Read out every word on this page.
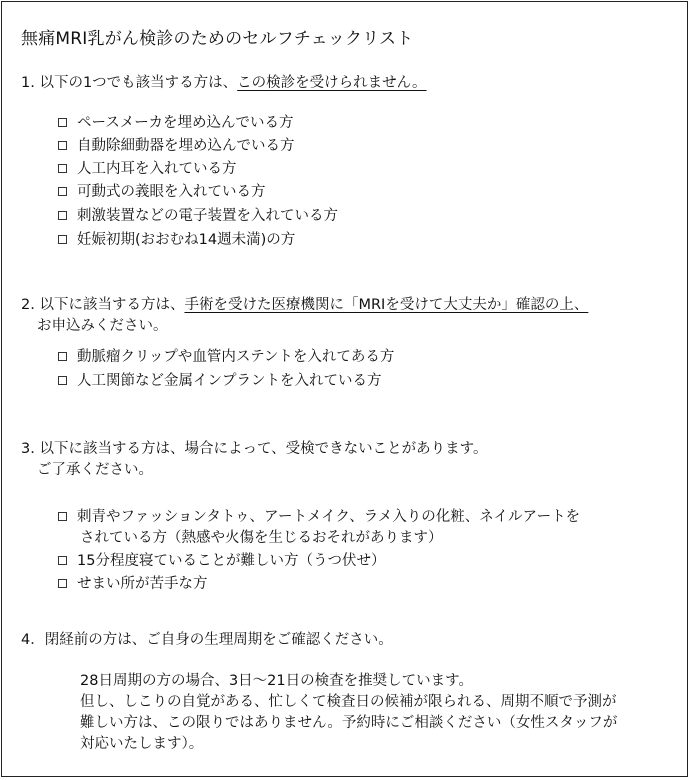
無痛MRI乳がん検診のためのセルフチェックリスト
1. 以下の1つでも該当する方は、この検診を受けられません。
ペースメーカを埋め込んでいる方
自動除細動器を埋め込んでいる方
人工内耳を入れている方
可動式の義眼を入れている方
刺激装置などの電子装置を入れている方
妊娠初期(おおむね14週未満)の方
2. 以下に該当する方は、手術を受けた医療機関に「MRIを受けて大丈夫か」確認の上、
お申込みください。
動脈瘤クリップや血管内ステントを入れてある方
人工関節など金属インプラントを入れている方
3. 以下に該当する方は、場合によって、受検できないことがあります。
ご了承ください。
刺青やファッションタトゥ、アートメイク、ラメ入りの化粧、ネイルアートを
されている方（熱感や火傷を生じるおそれがあります）
15分程度寝ていることが難しい方（うつ伏せ）
せまい所が苦手な方
4．閉経前の方は、ご自身の生理周期をご確認ください。
28日周期の方の場合、3日～21日の検査を推奨しています。
但し、しこりの自覚がある、忙しくて検査日の候補が限られる、周期不順で予測が
難しい方は、この限りではありません。予約時にご相談ください（女性スタッフが
対応いたします）。
